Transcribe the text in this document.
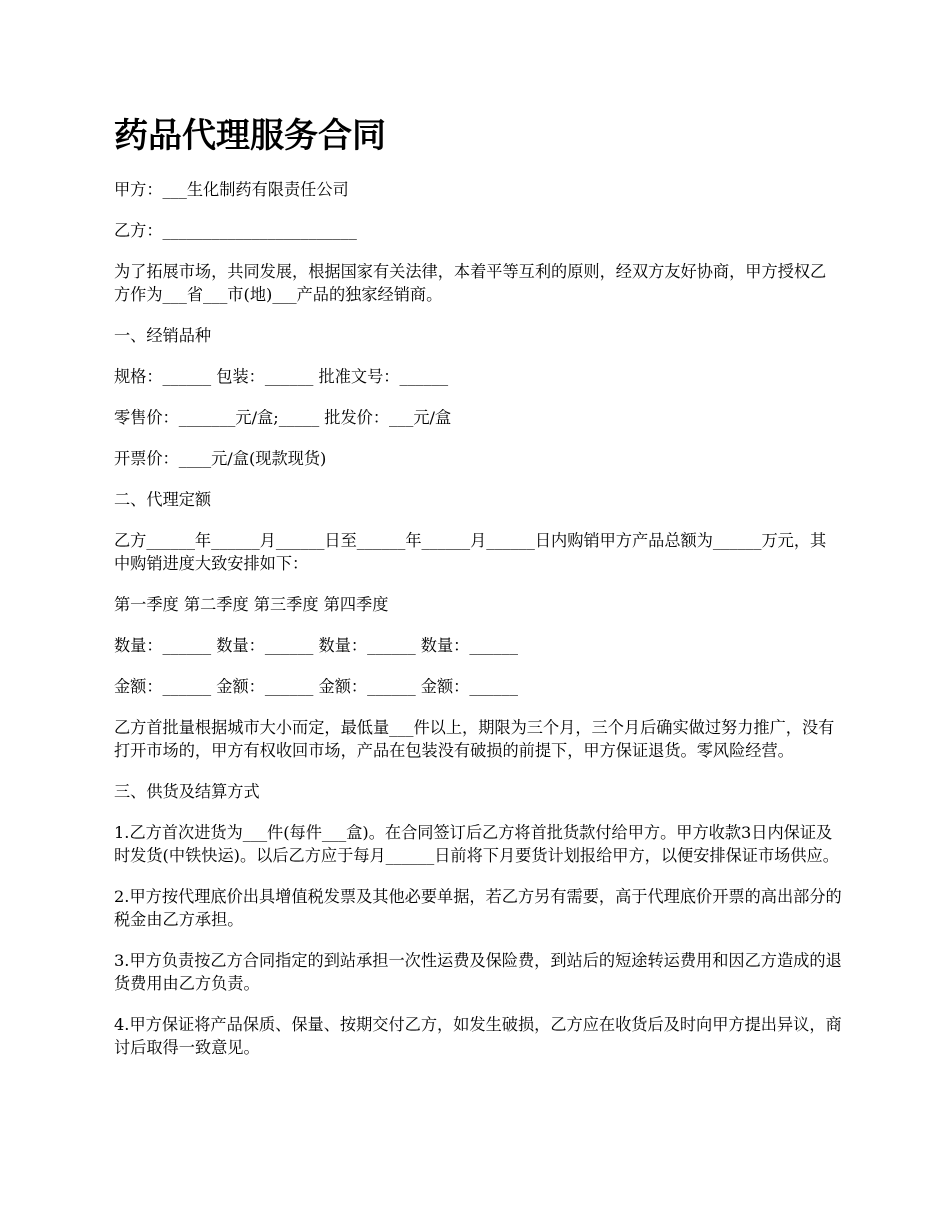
药品代理服务合同

甲方：___生化制药有限责任公司

乙方：________________________

为了拓展市场，共同发展，根据国家有关法律，本着平等互利的原则，经双方友好协商，甲方授权乙方作为___省___市(地)___产品的独家经销商。

一、经销品种

规格：______ 包装：______ 批准文号：______

零售价：_______元/盒;_____ 批发价：___元/盒

开票价：____元/盒(现款现货)

二、代理定额

乙方______年______月______日至______年______月______日内购销甲方产品总额为______万元，其中购销进度大致安排如下：

第一季度 第二季度 第三季度 第四季度

数量：______ 数量：______ 数量：______ 数量：______

金额：______ 金额：______ 金额：______ 金额：______

乙方首批量根据城市大小而定，最低量___件以上，期限为三个月，三个月后确实做过努力推广，没有打开市场的，甲方有权收回市场，产品在包装没有破损的前提下，甲方保证退货。零风险经营。

三、供货及结算方式

1.乙方首次进货为___件(每件___盒)。在合同签订后乙方将首批货款付给甲方。甲方收款3日内保证及时发货(中铁快运)。以后乙方应于每月______日前将下月要货计划报给甲方，以便安排保证市场供应。

2.甲方按代理底价出具增值税发票及其他必要单据，若乙方另有需要，高于代理底价开票的高出部分的税金由乙方承担。

3.甲方负责按乙方合同指定的到站承担一次性运费及保险费，到站后的短途转运费用和因乙方造成的退货费用由乙方负责。

4.甲方保证将产品保质、保量、按期交付乙方，如发生破损，乙方应在收货后及时向甲方提出异议，商讨后取得一致意见。
